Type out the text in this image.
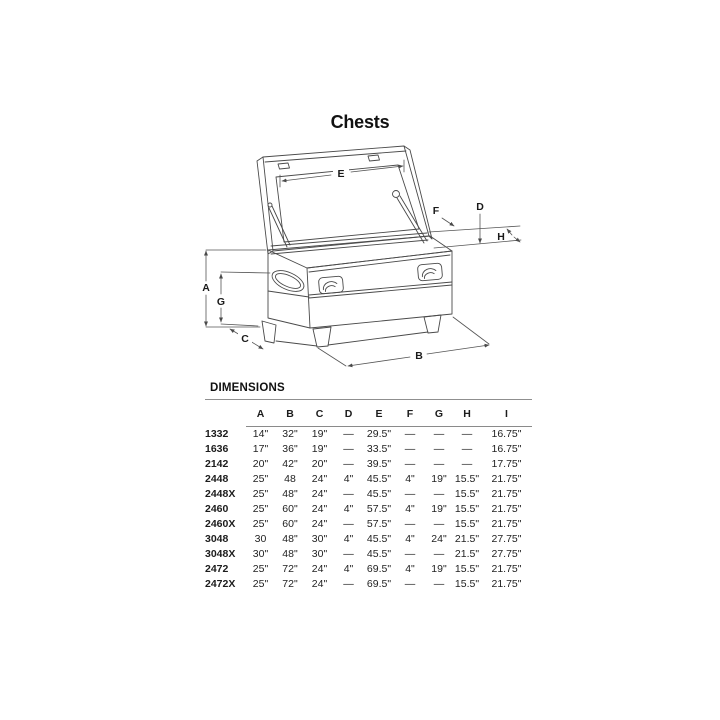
Chests
A
G
C
B
E
D
F
H
DIMENSIONS
	A	B	C	D	E	F	G	H	I
1332	14"	32"	19"	—	29.5"	—	—	—	16.75"
1636	17"	36"	19"	—	33.5"	—	—	—	16.75"
2142	20"	42"	20"	—	39.5"	—	—	—	17.75"
2448	25"	48	24"	4"	45.5"	4"	19"	15.5"	21.75"
2448X	25"	48"	24"	—	45.5"	—	—	15.5"	21.75"
2460	25"	60"	24"	4"	57.5"	4"	19"	15.5"	21.75"
2460X	25"	60"	24"	—	57.5"	—	—	15.5"	21.75"
3048	30	48"	30"	4"	45.5"	4"	24"	21.5"	27.75"
3048X	30"	48"	30"	—	45.5"	—	—	21.5"	27.75"
2472	25"	72"	24"	4"	69.5"	4"	19"	15.5"	21.75"
2472X	25"	72"	24"	—	69.5"	—	—	15.5"	21.75"
